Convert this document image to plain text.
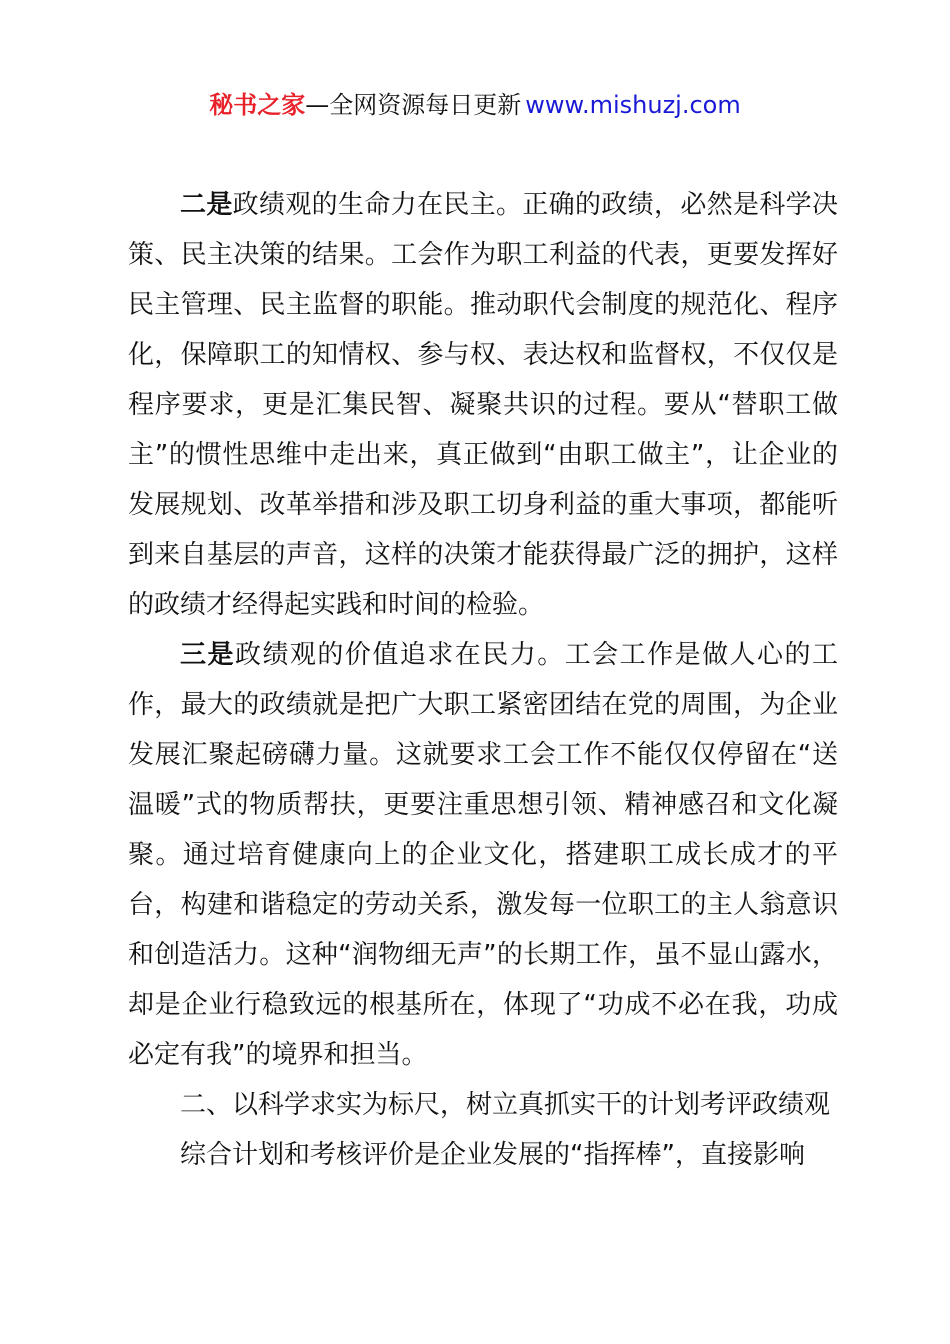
秘书之家—全网资源每日更新 www.mishuzj.com

二是政绩观的生命力在民主。正确的政绩，必然是科学决策、民主决策的结果。工会作为职工利益的代表，更要发挥好民主管理、民主监督的职能。推动职代会制度的规范化、程序化，保障职工的知情权、参与权、表达权和监督权，不仅仅是程序要求，更是汇集民智、凝聚共识的过程。要从“替职工做主”的惯性思维中走出来，真正做到“由职工做主”，让企业的发展规划、改革举措和涉及职工切身利益的重大事项，都能听到来自基层的声音，这样的决策才能获得最广泛的拥护，这样的政绩才经得起实践和时间的检验。

三是政绩观的价值追求在民力。工会工作是做人心的工作，最大的政绩就是把广大职工紧密团结在党的周围，为企业发展汇聚起磅礴力量。这就要求工会工作不能仅仅停留在“送温暖”式的物质帮扶，更要注重思想引领、精神感召和文化凝聚。通过培育健康向上的企业文化，搭建职工成长成才的平台，构建和谐稳定的劳动关系，激发每一位职工的主人翁意识和创造活力。这种“润物细无声”的长期工作，虽不显山露水，却是企业行稳致远的根基所在，体现了“功成不必在我，功成必定有我”的境界和担当。

二、以科学求实为标尺，树立真抓实干的计划考评政绩观

综合计划和考核评价是企业发展的“指挥棒”，直接影响
